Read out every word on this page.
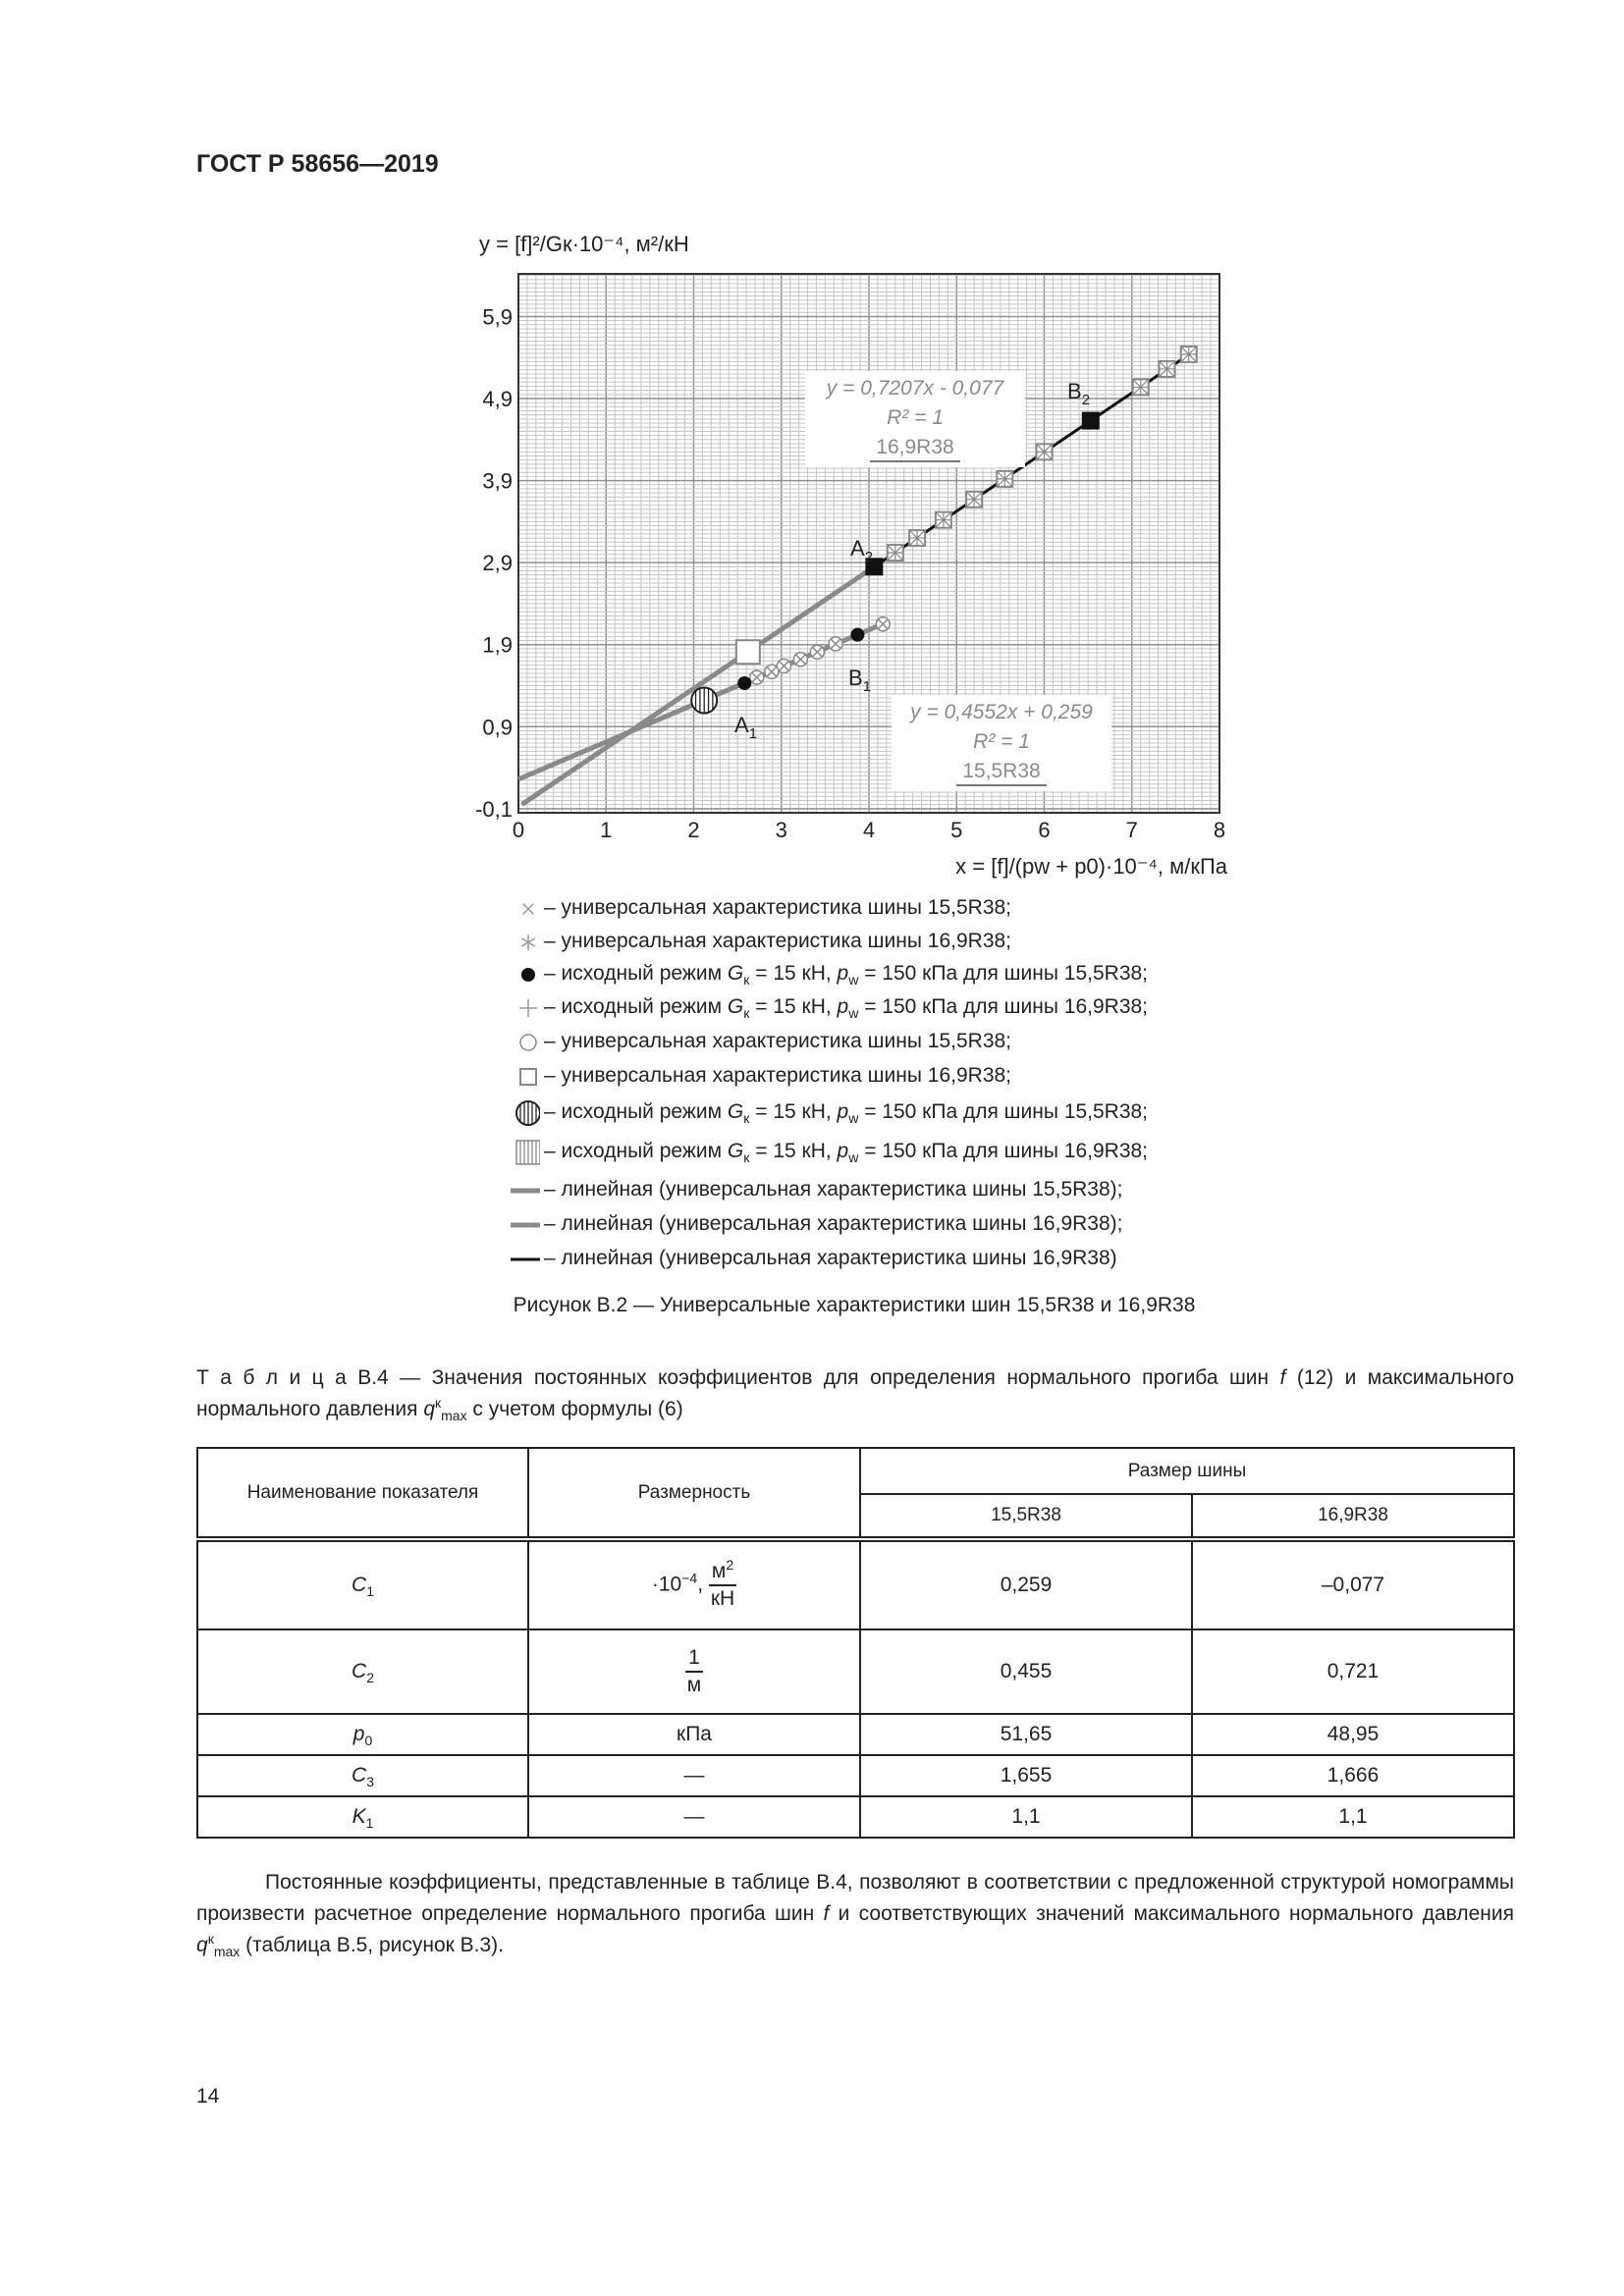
ГОСТ Р 58656—2019
0	1	2	3	4	5	6	7	8
-0,1
0,9
1,9
2,9
3,9
4,9
5,9
y = 0,7207x - 0,077
R² = 1
16,9R38
y = 0,4552x + 0,259
R² = 1
15,5R38
y = [f]²/Gк·10⁻⁴, м²/кН
x = [f]/(pw + p0)·10⁻⁴, м/кПа
$A_2$
$B_2$
$A_1$
$B_1$
Рисунок В.2 — Универсальные характеристики шин 15,5R38 и 16,9R38
Т а б л и ц а В.4 — Значения постоянных коэффициентов для определения нормального прогиба шин f (12) и максимального нормального давления $q^к_{max}$ с учетом формулы (6)
Наименование показателя	Размерность	Размер шины	
		15,5R38	16,9R38
$C_1$	$\cdot 10^{-4}$, $\frac{м^2}{кН}$	0,259	–0,077
$C_2$	$\frac{1}{м}$	0,455	0,721
$p_0$	кПа	51,65	48,95
$C_3$	—	1,655	1,666
$K_1$	—	1,1	1,1
Постоянные коэффициенты, представленные в таблице В.4, позволяют в соответствии с предложенной структурой номограммы произвести расчетное определение нормального прогиба шин f и соответствующих значений максимального нормального давления $q^к_{max}$ (таблица В.5, рисунок В.3).
14
– универсальная характеристика шины 15,5R38;
– универсальная характеристика шины 16,9R38;
– исходный режим $G_к = 15$ кН, $p_w = 150$ кПа для шины 15,5R38;
– исходный режим $G_к = 15$ кН, $p_w = 150$ кПа для шины 16,9R38;
– универсальная характеристика шины 15,5R38;
– универсальная характеристика шины 16,9R38;
– исходный режим $G_к = 15$ кН, $p_w = 150$ кПа для шины 15,5R38;
– исходный режим $G_к = 15$ кН, $p_w = 150$ кПа для шины 16,9R38;
– линейная (универсальная характеристика шины 15,5R38);
– линейная (универсальная характеристика шины 16,9R38);
– линейная (универсальная характеристика шины 16,9R38)
